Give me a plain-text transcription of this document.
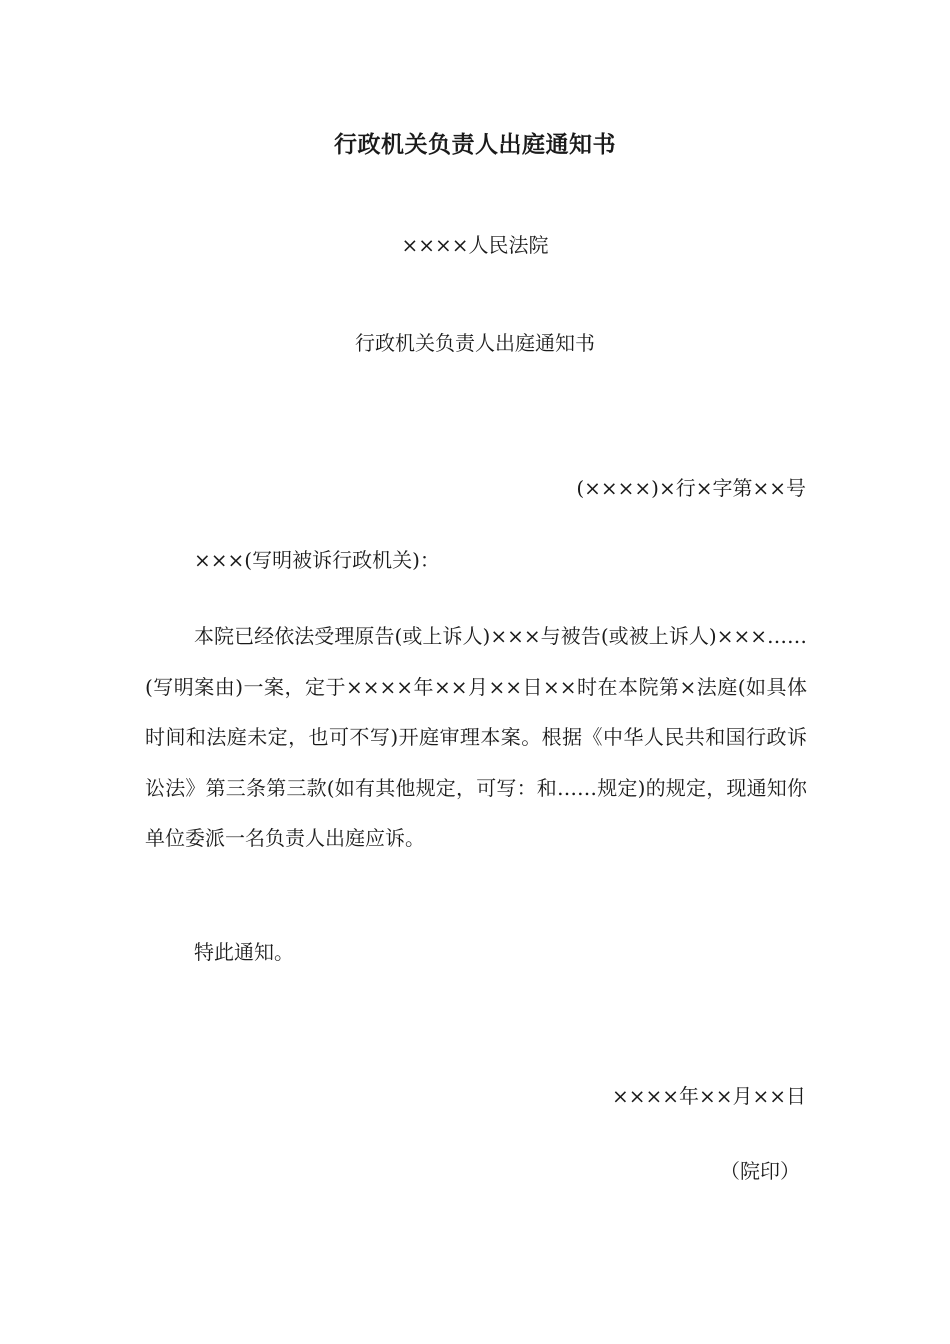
行政机关负责人出庭通知书
××××人民法院
行政机关负责人出庭通知书
(××××)×行×字第××号
×××(写明被诉行政机关)：

本院已经依法受理原告(或上诉人)×××与被告(或被上诉人)×××……(写明案由)一案，定于××××年××月××日××时在本院第×法庭(如具体时间和法庭未定，也可不写)开庭审理本案。根据《中华人民共和国行政诉讼法》第三条第三款(如有其他规定，可写：和……规定)的规定，现通知你单位委派一名负责人出庭应诉。

特此通知。
××××年××月××日
（院印）
